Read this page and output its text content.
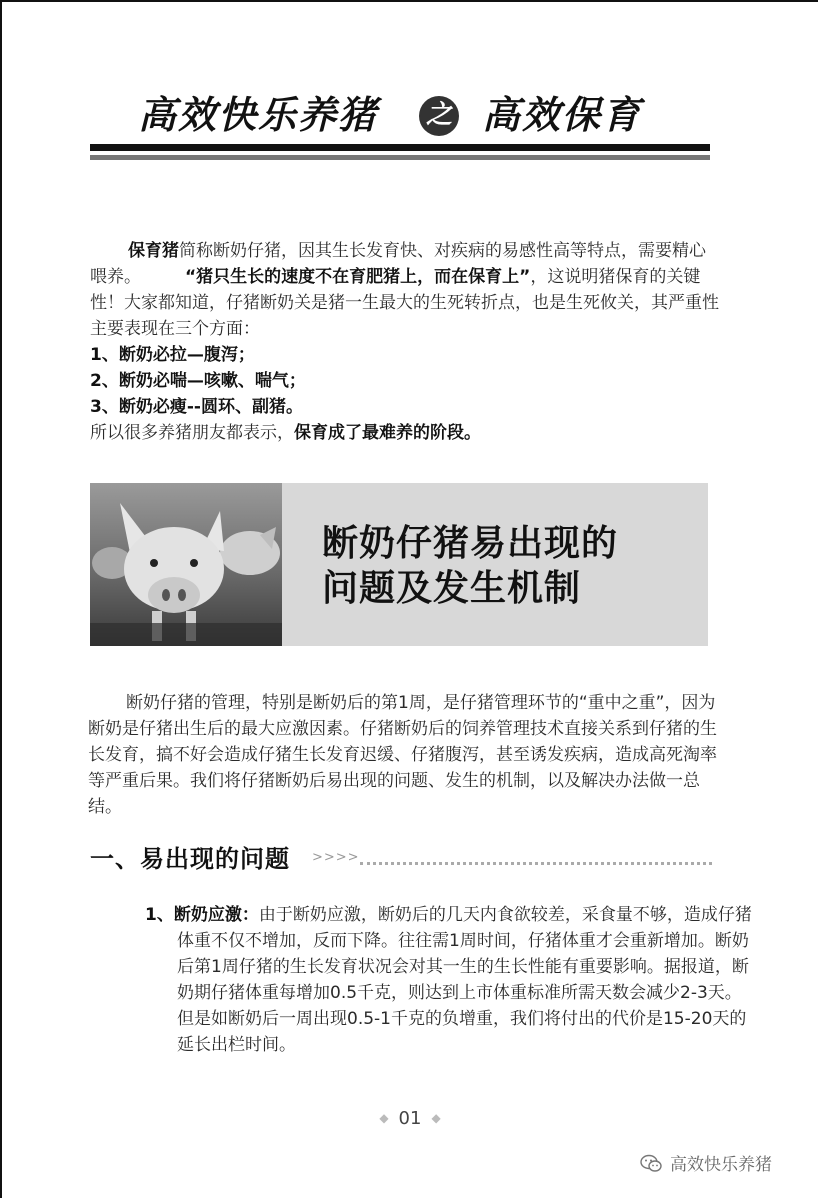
高效快乐养猪 之 高效保育

保育猪简称断奶仔猪，因其生长发育快、对疾病的易感性高等特点，需要精心喂养。	“猪只生长的速度不在育肥猪上，而在保育上”，这说明猪保育的关键性！大家都知道，仔猪断奶关是猪一生最大的生死转折点，也是生死攸关，其严重性主要表现在三个方面：

1、断奶必拉—腹泻；

2、断奶必喘—咳嗽、喘气；

3、断奶必瘦--圆环、副猪。

所以很多养猪朋友都表示，保育成了最难养的阶段。

断奶仔猪易出现的
问题及发生机制

断奶仔猪的管理，特别是断奶后的第1周，是仔猪管理环节的“重中之重”，因为断奶是仔猪出生后的最大应激因素。仔猪断奶后的饲养管理技术直接关系到仔猪的生长发育，搞不好会造成仔猪生长发育迟缓、仔猪腹泻，甚至诱发疾病，造成高死淘率等严重后果。我们将仔猪断奶后易出现的问题、发生的机制，以及解决办法做一总结。

一、易出现的问题 >>>>

1、断奶应激：由于断奶应激，断奶后的几天内食欲较差，采食量不够，造成仔猪体重不仅不增加，反而下降。往往需1周时间，仔猪体重才会重新增加。断奶后第1周仔猪的生长发育状况会对其一生的生长性能有重要影响。据报道，断奶期仔猪体重每增加0.5千克，则达到上市体重标准所需天数会减少2-3天。但是如断奶后一周出现0.5-1千克的负增重，我们将付出的代价是15-20天的延长出栏时间。

◆ 01 ◆
高效快乐养猪
